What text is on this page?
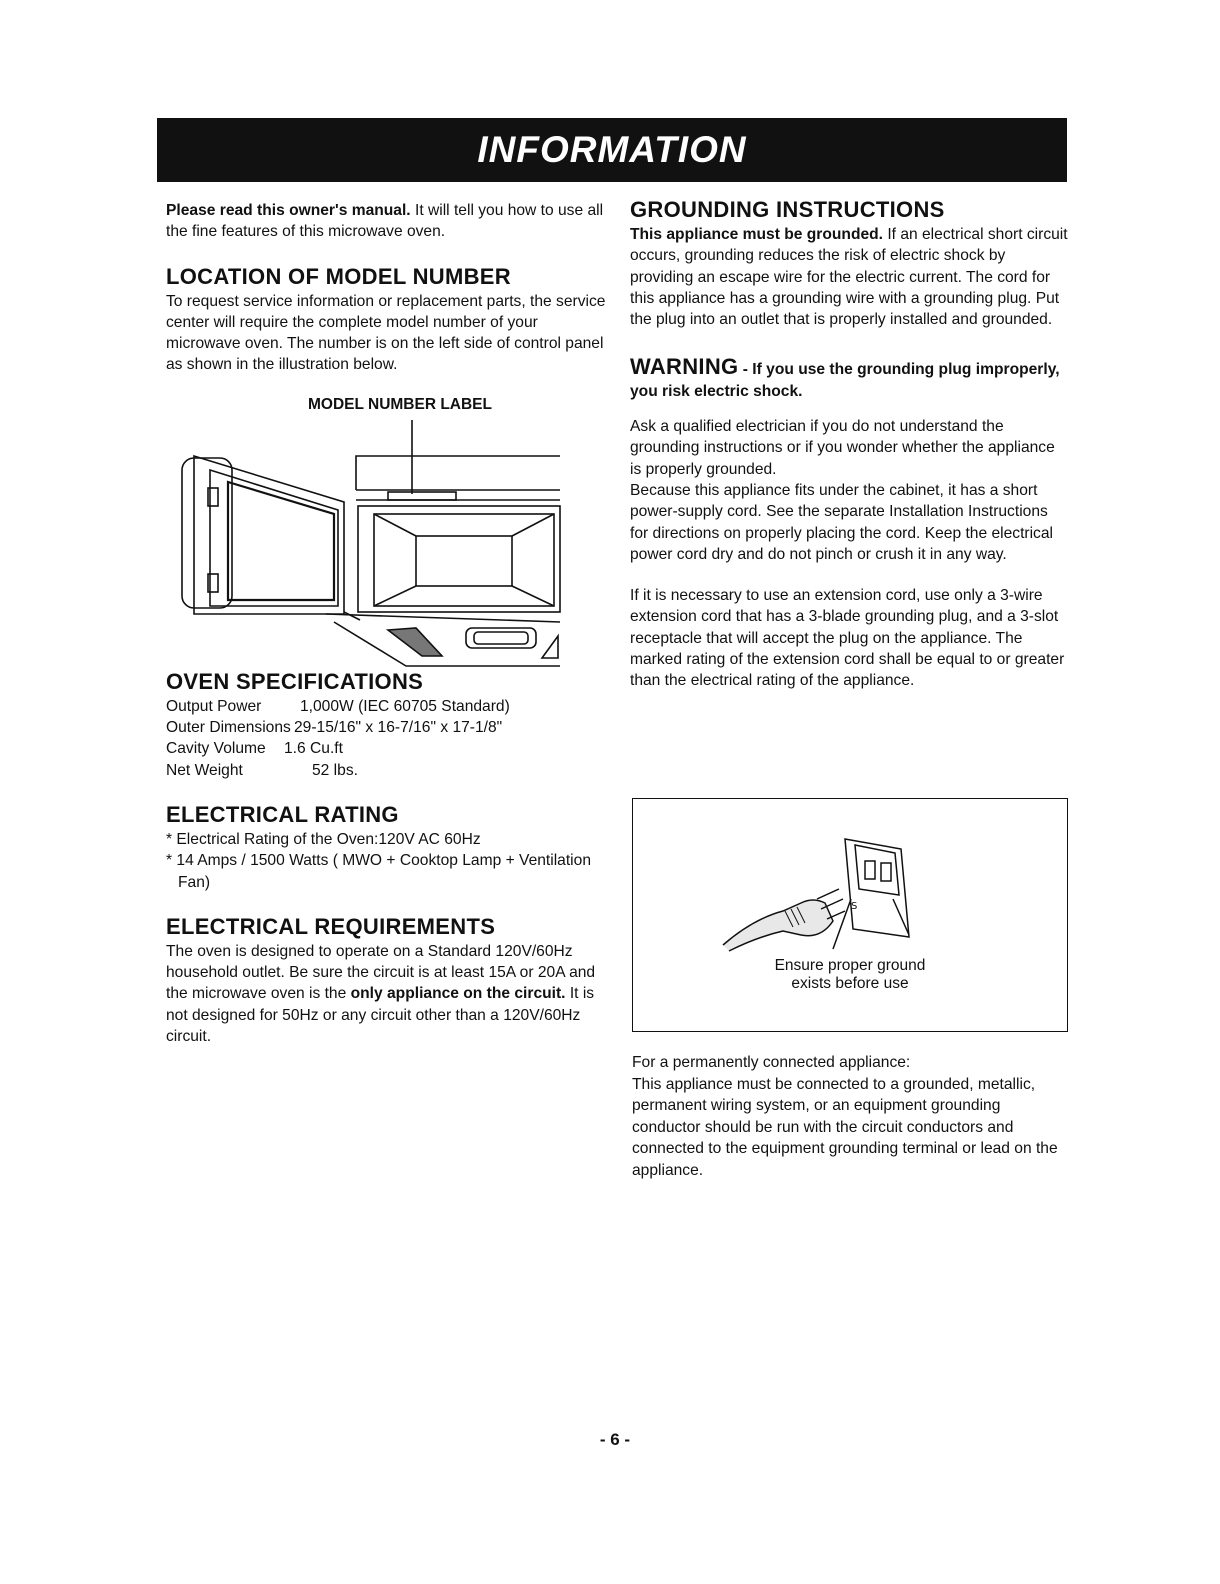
INFORMATION

Please read this owner's manual. It will tell you how to use all the fine features of this microwave oven.

LOCATION OF MODEL NUMBER

To request service information or replacement parts, the service center will require the complete model number of your microwave oven. The number is on the left side of control panel as shown in the illustration below.

MODEL NUMBER LABEL
OVEN SPECIFICATIONS
Output Power	1,000W (IEC 60705 Standard)
Outer Dimensions 29-15/16" x 16-7/16" x 17-1/8"
Cavity Volume	1.6 Cu.ft
Net Weight	52 lbs.
ELECTRICAL RATING

* Electrical Rating of the Oven:120V AC 60Hz

* 14 Amps / 1500 Watts ( MWO + Cooktop Lamp + Ventilation Fan)

ELECTRICAL REQUIREMENTS

The oven is designed to operate on a Standard 120V/60Hz household outlet. Be sure the circuit is at least 15A or 20A and the microwave oven is the only appliance on the circuit. It is not designed for 50Hz or any circuit other than a 120V/60Hz circuit.

GROUNDING INSTRUCTIONS

This appliance must be grounded. If an electrical short circuit occurs, grounding reduces the risk of electric shock by providing an escape wire for the electric current. The cord for this appliance has a grounding wire with a grounding plug. Put the plug into an outlet that is properly installed and grounded.

WARNING - If you use the grounding plug improperly, you risk electric shock.

Ask a qualified electrician if you do not understand the grounding instructions or if you wonder whether the appliance is properly grounded.

Because this appliance fits under the cabinet, it has a short power-supply cord. See the separate Installation Instructions for directions on properly placing the cord. Keep the electrical power cord dry and do not pinch or crush it in any way.

If it is necessary to use an extension cord, use only a 3-wire extension cord that has a 3-blade grounding plug, and a 3-slot receptacle that will accept the plug on the appliance. The marked rating of the extension cord shall be equal to or greater than the electrical rating of the appliance.

S
Ensure proper ground
exists before use

For a permanently connected appliance:

This appliance must be connected to a grounded, metallic, permanent wiring system, or an equipment grounding conductor should be run with the circuit conductors and connected to the equipment grounding terminal or lead on the appliance.

- 6 -
